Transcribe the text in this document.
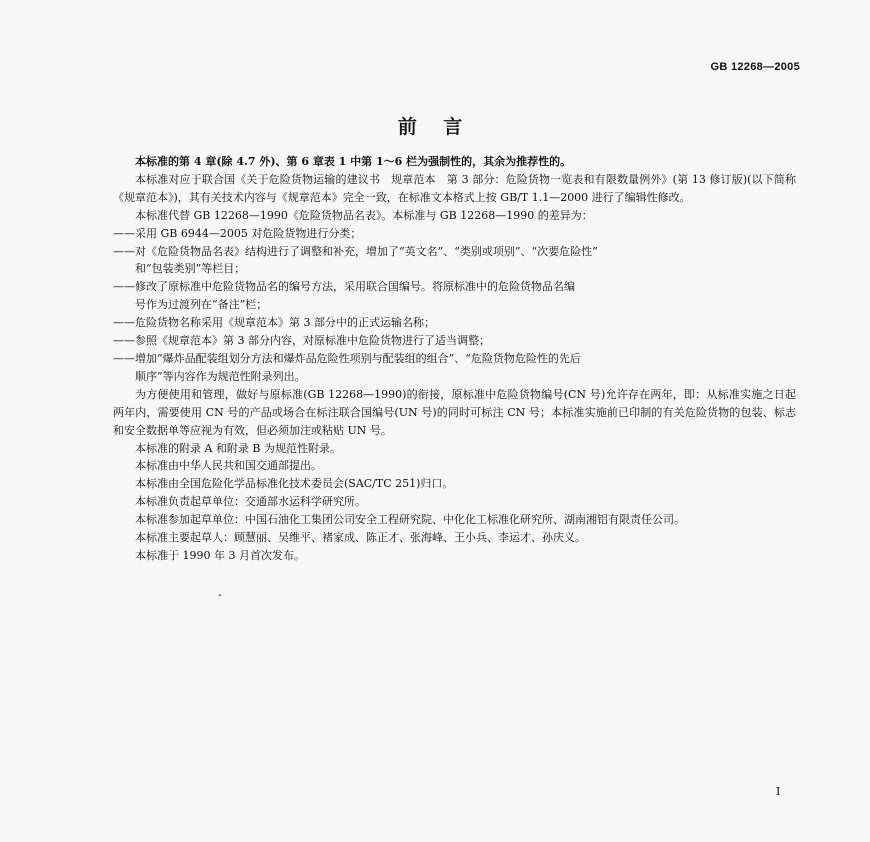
GB 12268—2005
前 言

本标准的第 4 章(除 4.7 外)、第 6 章表 1 中第 1～6 栏为强制性的，其余为推荐性的。

本标准对应于联合国《关于危险货物运输的建议书　规章范本　第 3 部分：危险货物一览表和有限数量例外》(第 13 修订版)(以下简称《规章范本》)，其有关技术内容与《规章范本》完全一致，在标准文本格式上按 GB/T 1.1—2000 进行了编辑性修改。

本标准代替 GB 12268—1990《危险货物品名表》。本标准与 GB 12268—1990 的差异为：

——采用 GB 6944—2005 对危险货物进行分类；

——对《危险货物品名表》结构进行了调整和补充，增加了“英文名”、“类别或项别”、“次要危险性”
和“包装类别”等栏目；

——修改了原标准中危险货物品名的编号方法，采用联合国编号。将原标准中的危险货物品名编
号作为过渡列在“备注”栏；

——危险货物名称采用《规章范本》第 3 部分中的正式运输名称；

——参照《规章范本》第 3 部分内容，对原标准中危险货物进行了适当调整；

——增加“爆炸品配装组划分方法和爆炸品危险性项别与配装组的组合”、“危险货物危险性的先后
顺序”等内容作为规范性附录列出。

为方便使用和管理，做好与原标准(GB 12268—1990)的衔接，原标准中危险货物编号(CN 号)允许存在两年，即：从标准实施之日起两年内，需要使用 CN 号的产品或场合在标注联合国编号(UN 号)的同时可标注 CN 号；本标准实施前已印制的有关危险货物的包装、标志和安全数据单等应视为有效，但必须加注或粘贴 UN 号。

本标准的附录 A 和附录 B 为规范性附录。

本标准由中华人民共和国交通部提出。

本标准由全国危险化学品标准化技术委员会(SAC/TC 251)归口。

本标准负责起草单位：交通部水运科学研究所。

本标准参加起草单位：中国石油化工集团公司安全工程研究院、中化化工标准化研究所、湖南湘铝有限责任公司。

本标准主要起草人：顾慧丽、吴维平、褚家成、陈正才、张海峰、王小兵、李运才、孙庆义。

本标准于 1990 年 3 月首次发布。

-
I
